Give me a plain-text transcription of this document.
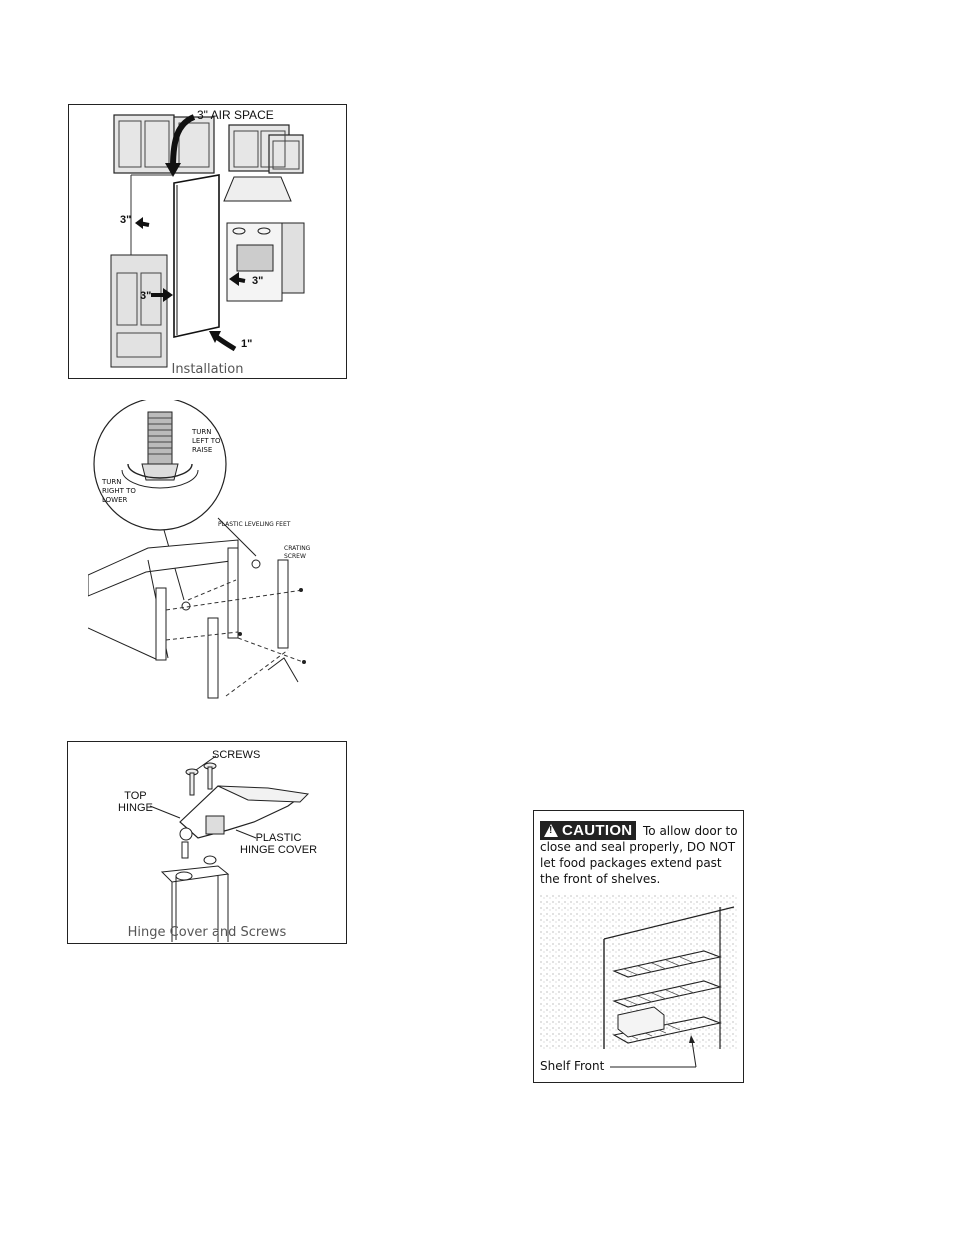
3" AIR SPACE
3"
3"
3"
1"
Installation
TURN
LEFT TO
RAISE
TURN
RIGHT TO
LOWER
PLASTIC LEVELING FEET
CRATING
SCREW
SCREWS
TOP
HINGE
PLASTIC
HINGE COVER
Hinge Cover and Screws
! CAUTION To allow door to close and seal properly, DO NOT let food packages extend past the front of shelves.
Shelf Front
